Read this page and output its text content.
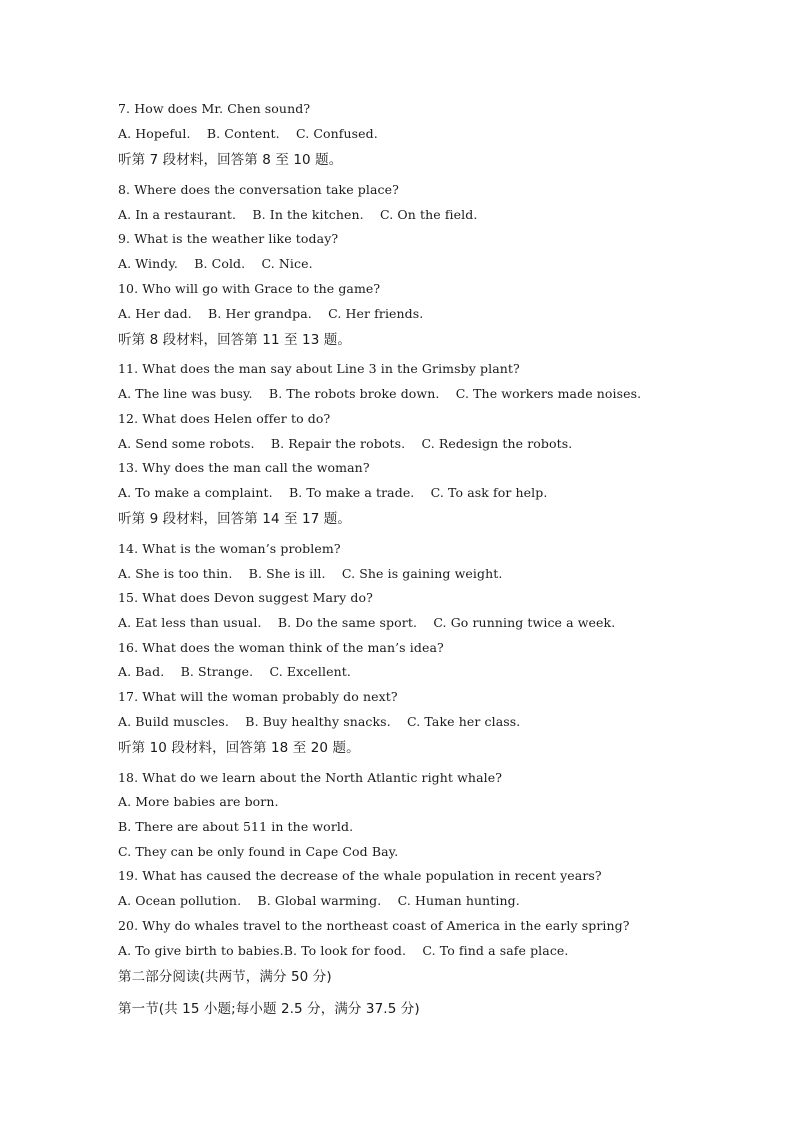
7. How does Mr. Chen sound?
A. Hopeful.    B. Content.    C. Confused.
听第 7 段材料，回答第 8 至 10 题。
8. Where does the conversation take place?
A. In a restaurant.    B. In the kitchen.    C. On the field.
9. What is the weather like today?
A. Windy.    B. Cold.    C. Nice.
10. Who will go with Grace to the game?
A. Her dad.    B. Her grandpa.    C. Her friends.
听第 8 段材料，回答第 11 至 13 题。
11. What does the man say about Line 3 in the Grimsby plant?
A. The line was busy.    B. The robots broke down.    C. The workers made noises.
12. What does Helen offer to do?
A. Send some robots.    B. Repair the robots.    C. Redesign the robots.
13. Why does the man call the woman?
A. To make a complaint.    B. To make a trade.    C. To ask for help.
听第 9 段材料，回答第 14 至 17 题。
14. What is the woman’s problem?
A. She is too thin.    B. She is ill.    C. She is gaining weight.
15. What does Devon suggest Mary do?
A. Eat less than usual.    B. Do the same sport.    C. Go running twice a week.
16. What does the woman think of the man’s idea?
A. Bad.    B. Strange.    C. Excellent.
17. What will the woman probably do next?
A. Build muscles.    B. Buy healthy snacks.    C. Take her class.
听第 10 段材料，回答第 18 至 20 题。
18. What do we learn about the North Atlantic right whale?
A. More babies are born.
B. There are about 511 in the world.
C. They can be only found in Cape Cod Bay.
19. What has caused the decrease of the whale population in recent years?
A. Ocean pollution.    B. Global warming.    C. Human hunting.
20. Why do whales travel to the northeast coast of America in the early spring?
A. To give birth to babies.B. To look for food.    C. To find a safe place.
第二部分阅读(共两节，满分 50 分)
第一节(共 15 小题;每小题 2.5 分，满分 37.5 分)
